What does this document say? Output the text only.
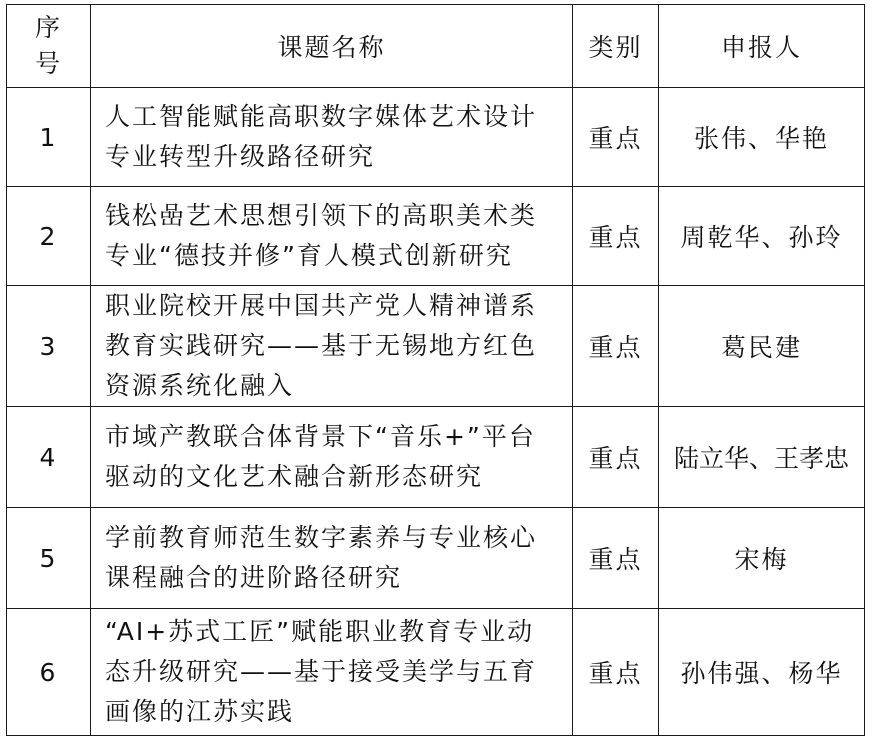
序
号	课题名称	类别	申报人
1	人工智能赋能高职数字媒体艺术设计
专业转型升级路径研究	重点	张伟、华艳
2	钱松嵒艺术思想引领下的高职美术类
专业“德技并修”育人模式创新研究	重点	周乾华、孙玲
3	职业院校开展中国共产党人精神谱系
教育实践研究——基于无锡地方红色
资源系统化融入	重点	葛民建
4	市域产教联合体背景下“音乐+”平台
驱动的文化艺术融合新形态研究	重点	陆立华、王孝忠
5	学前教育师范生数字素养与专业核心
课程融合的进阶路径研究	重点	宋梅
6	“AI+苏式工匠”赋能职业教育专业动
态升级研究——基于接受美学与五育
画像的江苏实践	重点	孙伟强、杨华
